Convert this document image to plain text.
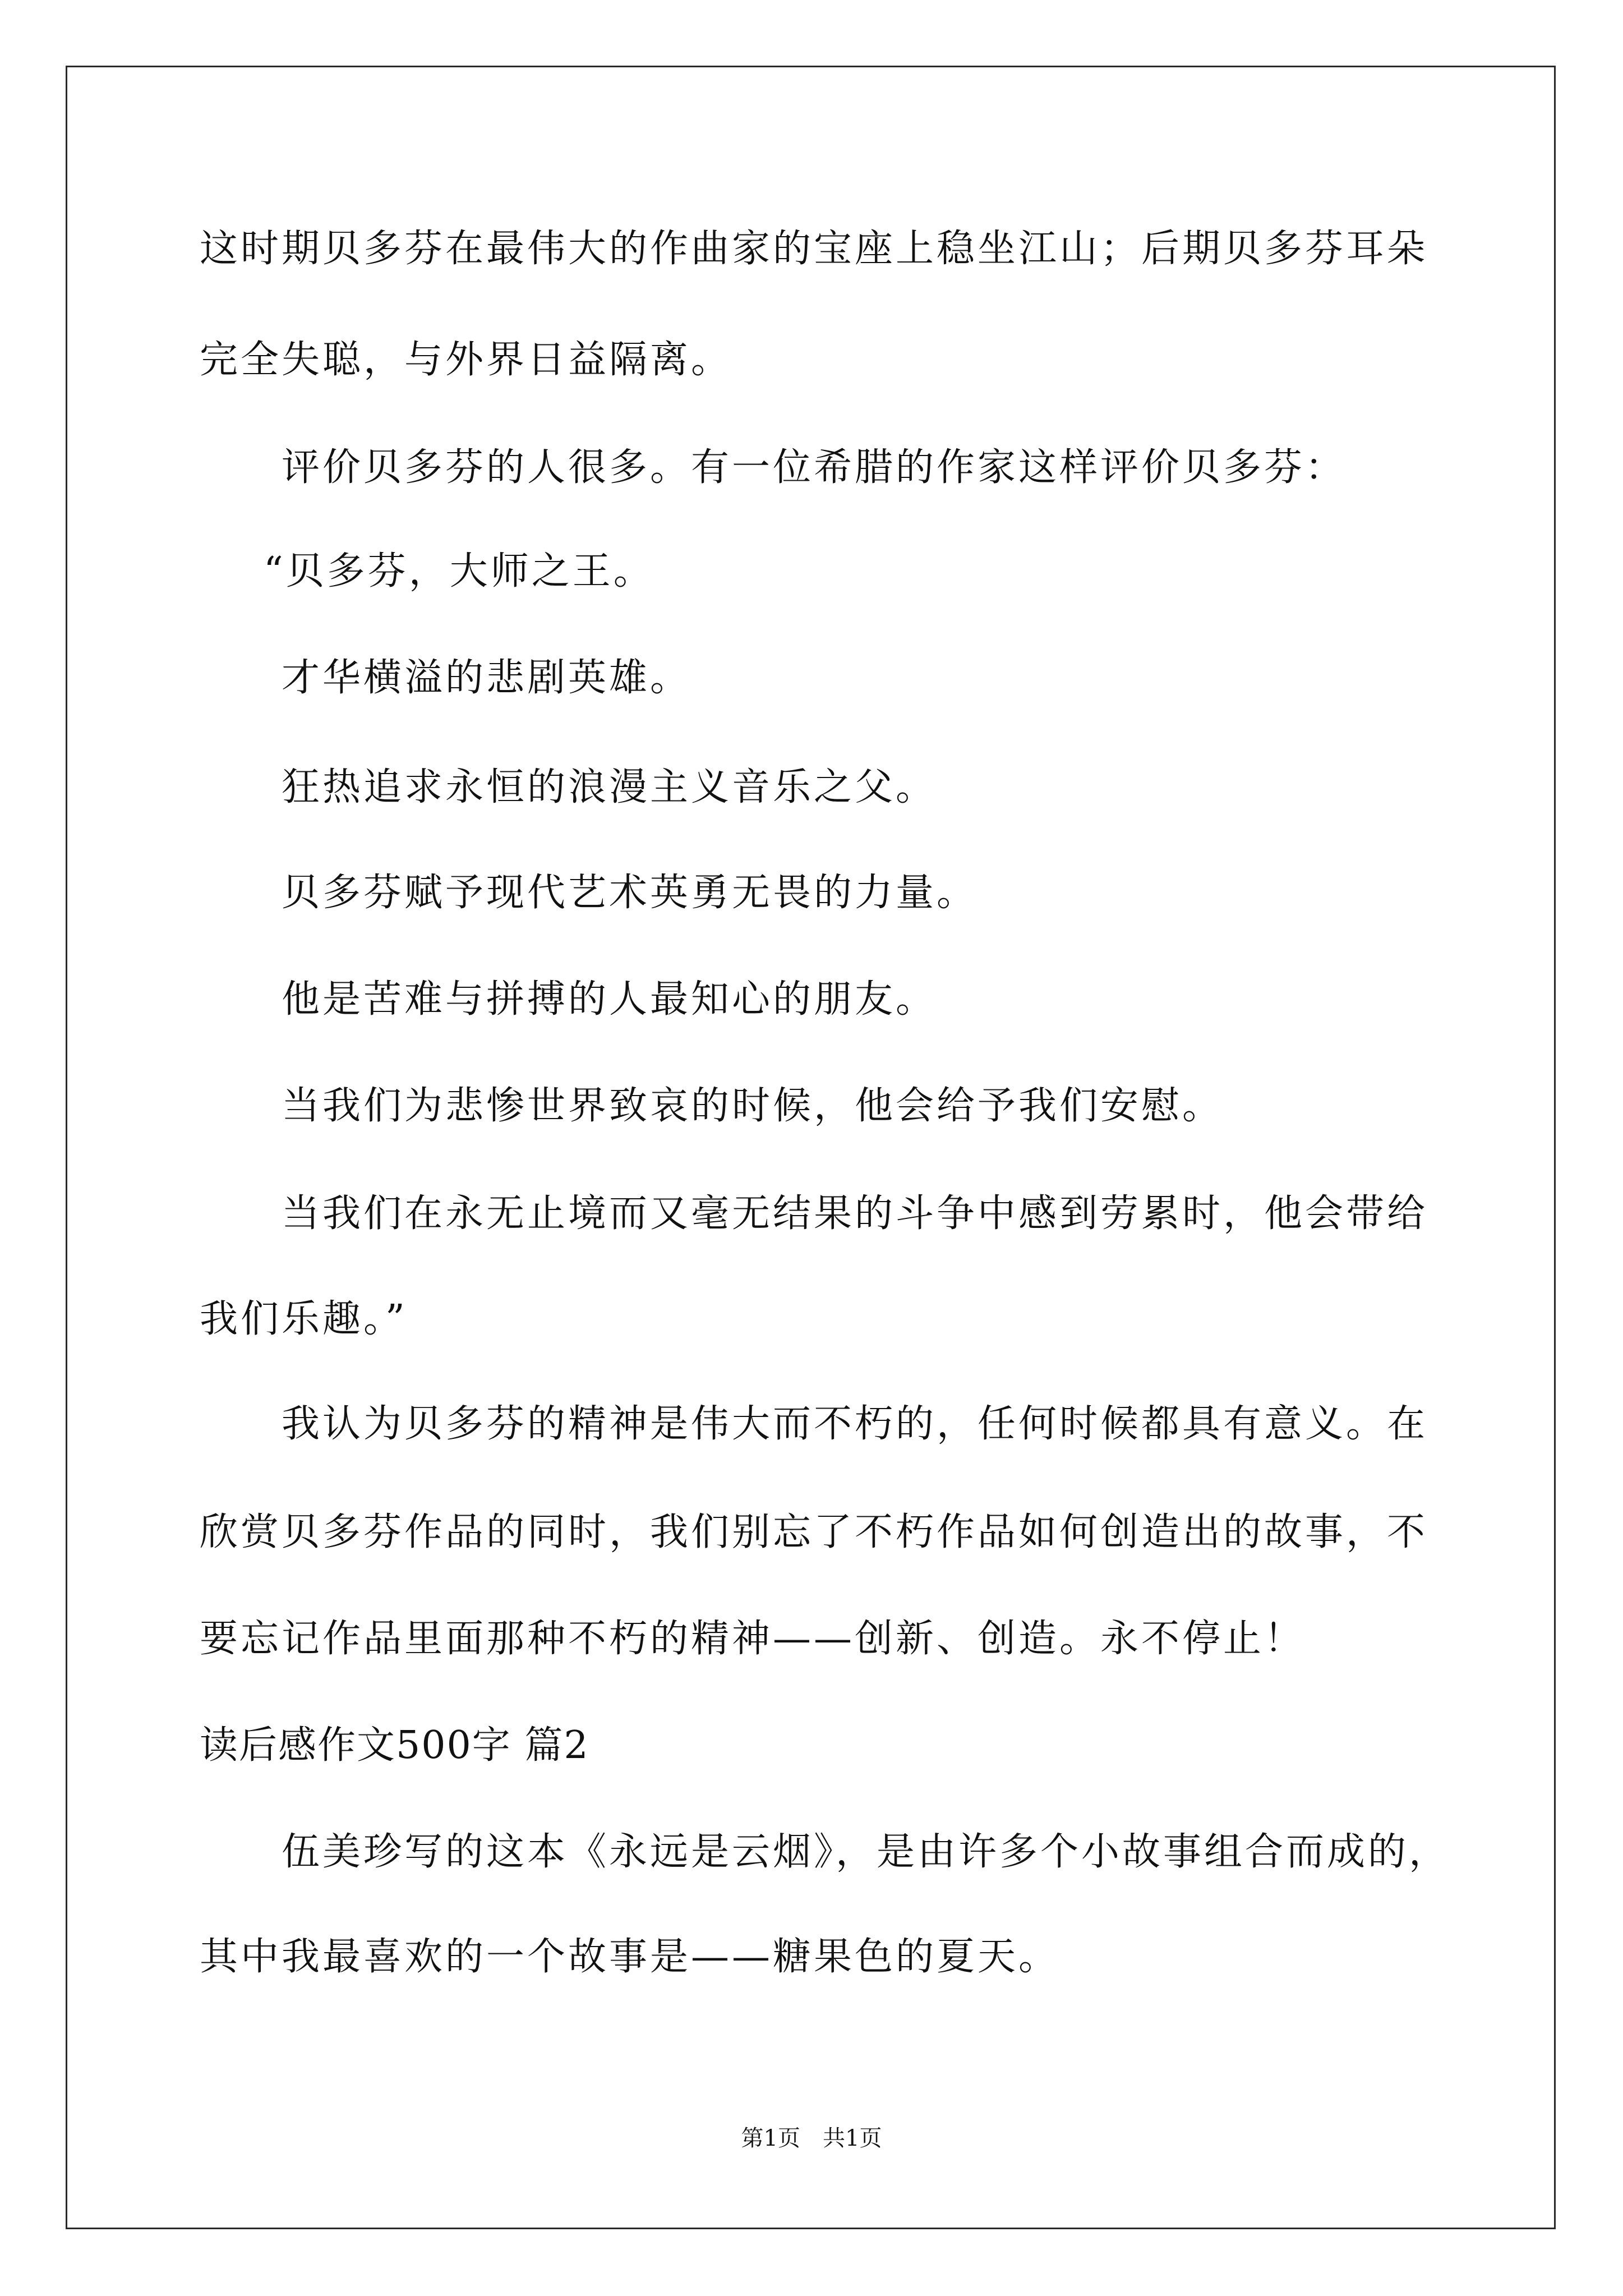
这时期贝多芬在最伟大的作曲家的宝座上稳坐江山；后期贝多芬耳朵
完全失聪，与外界日益隔离。
评价贝多芬的人很多。有一位希腊的作家这样评价贝多芬：
“贝多芬，大师之王。
才华横溢的悲剧英雄。
狂热追求永恒的浪漫主义音乐之父。
贝多芬赋予现代艺术英勇无畏的力量。
他是苦难与拼搏的人最知心的朋友。
当我们为悲惨世界致哀的时候，他会给予我们安慰。
当我们在永无止境而又毫无结果的斗争中感到劳累时，他会带给
我们乐趣。”
我认为贝多芬的精神是伟大而不朽的，任何时候都具有意义。在
欣赏贝多芬作品的同时，我们别忘了不朽作品如何创造出的故事，不
要忘记作品里面那种不朽的精神——创新、创造。永不停止！
读后感作文500字 篇2
伍美珍写的这本《永远是云烟》，是由许多个小故事组合而成的，
其中我最喜欢的一个故事是——糖果色的夏天。
第1页　共1页
